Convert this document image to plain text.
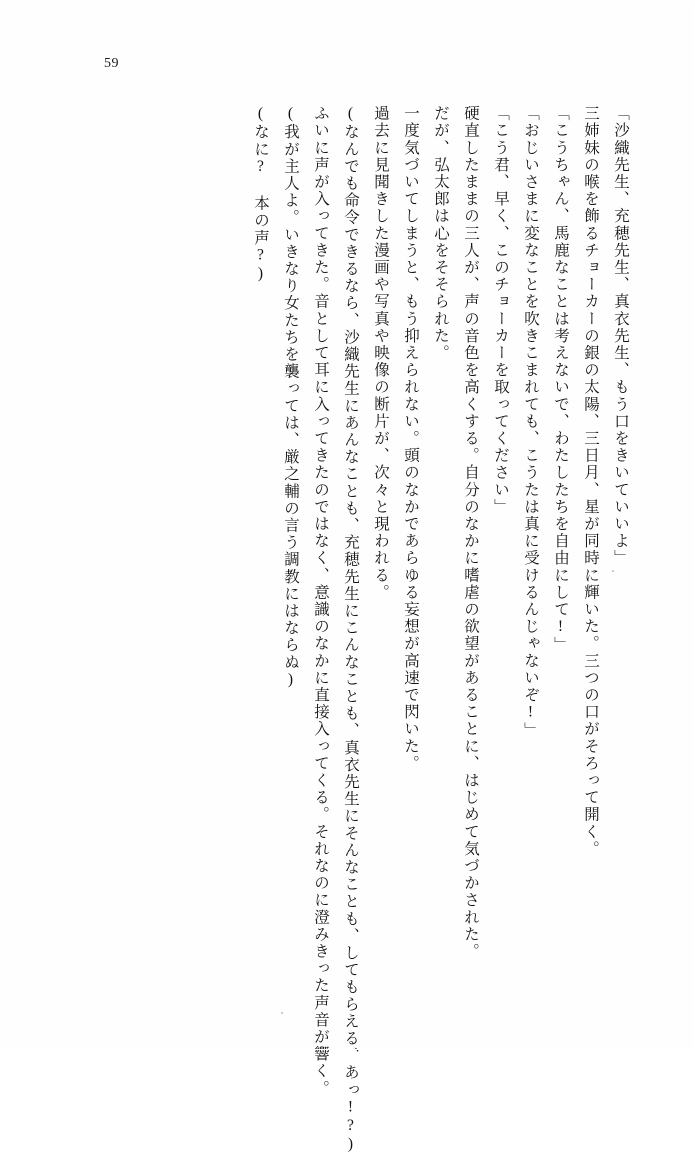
59
「沙織先生、充穂先生、真衣先生、もう口をきいていいよ」
三姉妹の喉を飾るチョーカーの銀の太陽、三日月、星が同時に輝いた。三つの口がそろって開く。
「こうちゃん、馬鹿なことは考えないで、わたしたちを自由にして!」
「おじいさまに変なことを吹きこまれても、こうたは真に受けるんじゃないぞ!」
「こう君、早く、このチョーカーを取ってください」
硬直したままの三人が、声の音色を高くする。自分のなかに嗜虐の欲望があることに、はじめて気づかされた。
だが、弘太郎は心をそそられた。
一度気づいてしまうと、もう抑えられない。頭のなかであらゆる妄想が高速で閃いた。
過去に見聞きした漫画や写真や映像の断片が、次々と現われる。
(なんでも命令できるなら、沙織先生にあんなことも、充穂先生にこんなことも、真衣先生にそんなことも、してもらえる、あっ!?)
ふいに声が入ってきた。音として耳に入ってきたのではなく、意識のなかに直接入ってくる。それなのに澄みきった声音が響く。
(我が主人よ。いきなり女たちを襲っては、厳之輔の言う調教にはならぬ)
(なに? 本の声?)
